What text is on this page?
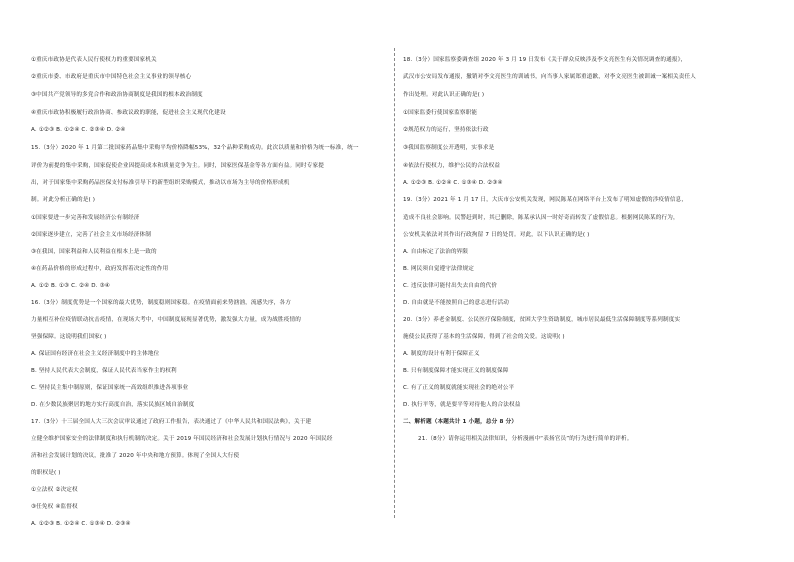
①重庆市政协是代表人民行使权力的重要国家机关
②重庆市委、市政府是重庆市中国特色社会主义事业的领导核心
③中国共产党领导的多党合作和政治协商制度是我国的根本政治制度
④重庆市政协积极履行政治协商、参政议政的职能，促进社会主义现代化建设
A. ①②③ B. ①②④ C. ②③④ D. ②④
15.（3分）2020 年 1 月第二批国家药品集中采购平均价格降幅53%，32个品种采购成功。此次以质量和价格为统一标准，统一
评价为前提的集中采购，国家促使企业因提高成本和质量竞争为主。同时，国家医保基金等各方面有益。同时专家提
出，对于国家集中采购药品医保支付标准引导下的新型组织采购模式，推动以市场为主导的价格形成机
制。对此分析正确的是( )
①国家要进一步完善和发展经济公有制经济
②国家逐步建立，完善了社会主义市场经济体制
③在我国，国家利益和人民利益在根本上是一致的
④在药品价格的形成过程中，政府发挥着决定性的作用
A. ①② B. ①③ C. ②④ D. ③④
16.（3分）制度优势是一个国家的最大优势，制度稳则国家稳。在疫情面前来势汹汹，流感失序，各方
力量相互补位疫情联动抗击疫情，在现场大考中，中国制度展现显著优势，激发强大力量，成为战胜疫情的
坚强保障。这说明我们国家( )
A. 保证国有经济在社会主义经济制度中的主体地位
B. 坚持人民代表大会制度，保证人民代表当家作主的权利
C. 坚持民主集中制原则，保证国家统一高效组织推进各项事业
D. 在少数民族聚居的地方实行高度自治，落实民族区域自治制度
17.（3分）十三届全国人大三次会议审议通过了政府工作报告，表决通过了《中华人民共和国民法典》，关于建
立健全维护国家安全的法律制度和执行机制的决定。关于 2019 年国民经济和社会发展计划执行情况与 2020 年国民经
济和社会发展计划的决议，批准了 2020 年中央和地方预算。体现了全国人大行使
的职权是( )
①立法权 ②决定权
③任免权 ④监督权
A. ①②③ B. ①②④ C. ①③④ D. ②③④
18.（3分）国家监察委调查组 2020 年 3 月 19 日发布《关于群众反映涉及李文亮医生有关情况调查的通报》，
武汉市公安局发布通报，撤销对李文亮医生的训诫书，向当事人家属郑重道歉，对李文亮医生被训诫一案相关责任人
作出处理。对此认识正确的是( )
①国家监委行使国家监察职能
②规范权力的运行，坚持依法行政
③我国监察制度公开透明，实事求是
④依法行使权力，维护公民的合法权益
A. ①②③ B. ①②④ C. ①③④ D. ②③④
19.（3分）2021 年 1 月 17 日，大庆市公安机关发现，网民陈某在网络平台上发布了明知虚假的涉疫情信息，
造成不良社会影响。民警赶到时，其已删除，陈某承认因一时好奇而转发了虚假信息。根据网民陈某的行为，
公安机关依法对其作出行政拘留 7 日的处罚。对此，以下认识正确的是( )
A. 自由标定了法治的界限
B. 网民须自觉遵守法律规定
C. 违反法律可能付出失去自由的代价
D. 自由就是不能按照自己的意志进行活动
20.（3分）养老金制度、公民医疗保险制度，贫困大学生资助制度，城市居民最低生活保障制度等系列制度实
施使公民获得了基本的生活保障，得到了社会的关爱。这说明( )
A. 制度的设计有利于保障正义
B. 只有制度保障才能实现正义的制度保障
C. 有了正义的制度就能实现社会的绝对公平
D. 执行平等，就是要平等对待他人的合法权益
二、解析题（本题共计 1 小题，总分 8 分）
21.（8分）请你运用相关法律知识，分析漫画中“表扬官员”的行为进行简单的评析。
